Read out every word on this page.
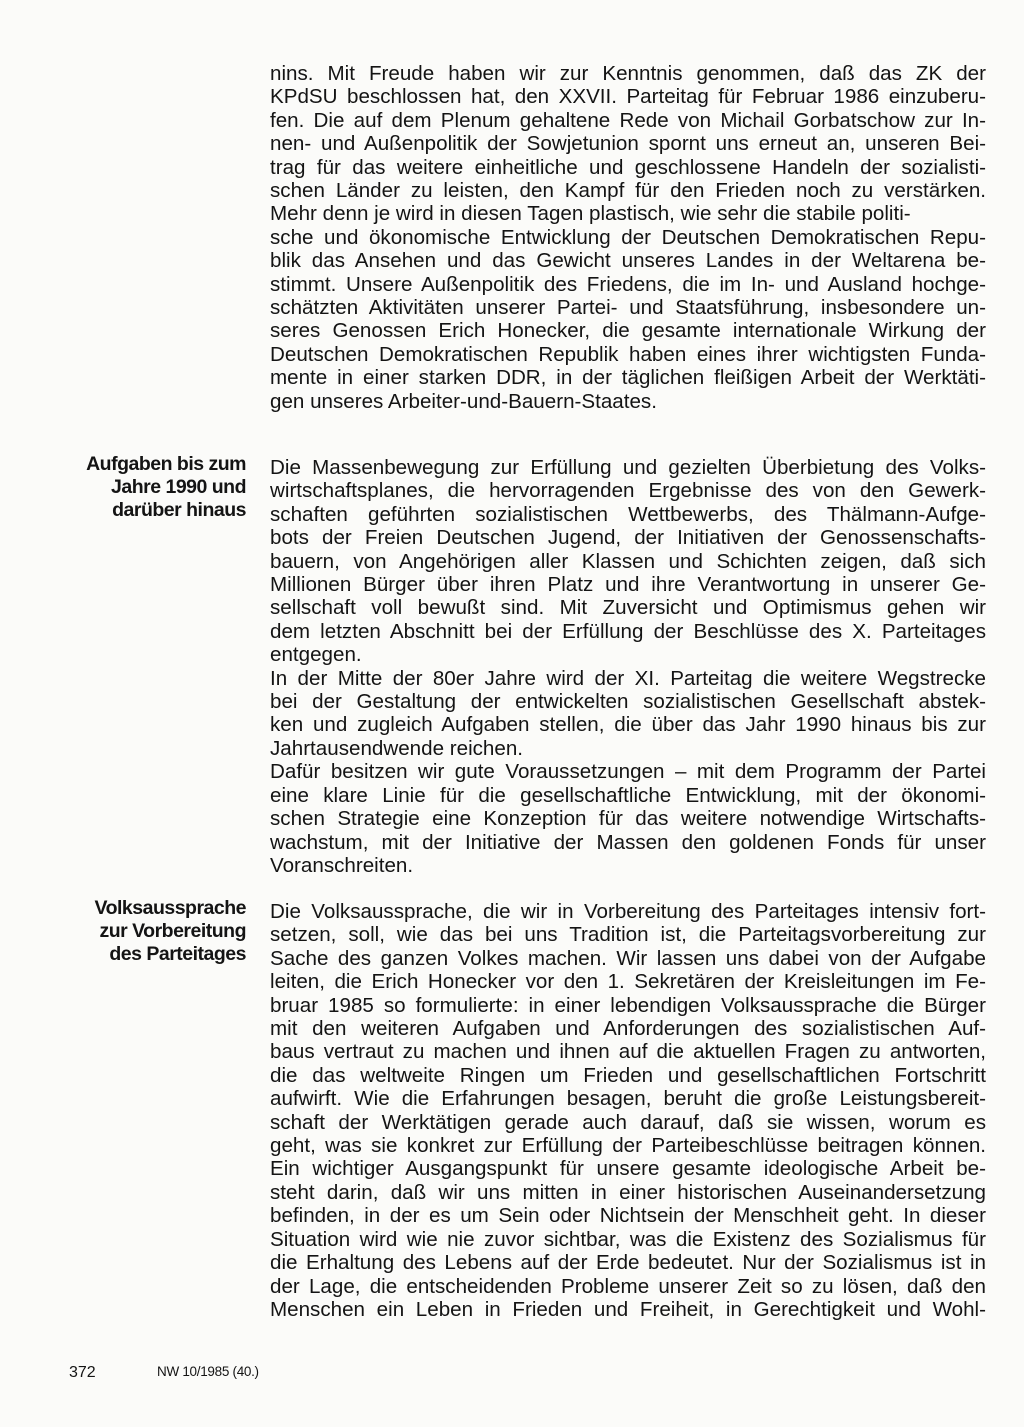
nins. Mit Freude haben wir zur Kenntnis genommen, daß das ZK der
KPdSU beschlossen hat, den XXVII. Parteitag für Februar 1986 einzuberu-
fen. Die auf dem Plenum gehaltene Rede von Michail Gorbatschow zur In-
nen- und Außenpolitik der Sowjetunion spornt uns erneut an, unseren Bei-
trag für das weitere einheitliche und geschlossene Handeln der sozialisti-
schen Länder zu leisten, den Kampf für den Frieden noch zu verstärken.
Mehr denn je wird in diesen Tagen plastisch, wie sehr die stabile politi-
sche und ökonomische Entwicklung der Deutschen Demokratischen Repu-
blik das Ansehen und das Gewicht unseres Landes in der Weltarena be-
stimmt. Unsere Außenpolitik des Friedens, die im In- und Ausland hochge-
schätzten Aktivitäten unserer Partei- und Staatsführung, insbesondere un-
seres Genossen Erich Honecker, die gesamte internationale Wirkung der
Deutschen Demokratischen Republik haben eines ihrer wichtigsten Funda-
mente in einer starken DDR, in der täglichen fleißigen Arbeit der Werktäti-
gen unseres Arbeiter-und-Bauern-Staates.
Aufgaben bis zum
Jahre 1990 und
darüber hinaus
Die Massenbewegung zur Erfüllung und gezielten Überbietung des Volks-
wirtschaftsplanes, die hervorragenden Ergebnisse des von den Gewerk-
schaften geführten sozialistischen Wettbewerbs, des Thälmann-Aufge-
bots der Freien Deutschen Jugend, der Initiativen der Genossenschafts-
bauern, von Angehörigen aller Klassen und Schichten zeigen, daß sich
Millionen Bürger über ihren Platz und ihre Verantwortung in unserer Ge-
sellschaft voll bewußt sind. Mit Zuversicht und Optimismus gehen wir
dem letzten Abschnitt bei der Erfüllung der Beschlüsse des X. Parteitages
entgegen.
In der Mitte der 80er Jahre wird der XI. Parteitag die weitere Wegstrecke
bei der Gestaltung der entwickelten sozialistischen Gesellschaft abstek-
ken und zugleich Aufgaben stellen, die über das Jahr 1990 hinaus bis zur
Jahrtausendwende reichen.
Dafür besitzen wir gute Voraussetzungen – mit dem Programm der Partei
eine klare Linie für die gesellschaftliche Entwicklung, mit der ökonomi-
schen Strategie eine Konzeption für das weitere notwendige Wirtschafts-
wachstum, mit der Initiative der Massen den goldenen Fonds für unser
Voranschreiten.
Volksaussprache
zur Vorbereitung
des Parteitages
Die Volksaussprache, die wir in Vorbereitung des Parteitages intensiv fort-
setzen, soll, wie das bei uns Tradition ist, die Parteitagsvorbereitung zur
Sache des ganzen Volkes machen. Wir lassen uns dabei von der Aufgabe
leiten, die Erich Honecker vor den 1. Sekretären der Kreisleitungen im Fe-
bruar 1985 so formulierte: in einer lebendigen Volksaussprache die Bürger
mit den weiteren Aufgaben und Anforderungen des sozialistischen Auf-
baus vertraut zu machen und ihnen auf die aktuellen Fragen zu antworten,
die das weltweite Ringen um Frieden und gesellschaftlichen Fortschritt
aufwirft. Wie die Erfahrungen besagen, beruht die große Leistungsbereit-
schaft der Werktätigen gerade auch darauf, daß sie wissen, worum es
geht, was sie konkret zur Erfüllung der Parteibeschlüsse beitragen können.
Ein wichtiger Ausgangspunkt für unsere gesamte ideologische Arbeit be-
steht darin, daß wir uns mitten in einer historischen Auseinandersetzung
befinden, in der es um Sein oder Nichtsein der Menschheit geht. In dieser
Situation wird wie nie zuvor sichtbar, was die Existenz des Sozialismus für
die Erhaltung des Lebens auf der Erde bedeutet. Nur der Sozialismus ist in
der Lage, die entscheidenden Probleme unserer Zeit so zu lösen, daß den
Menschen ein Leben in Frieden und Freiheit, in Gerechtigkeit und Wohl-
372	NW 10/1985 (40.)
